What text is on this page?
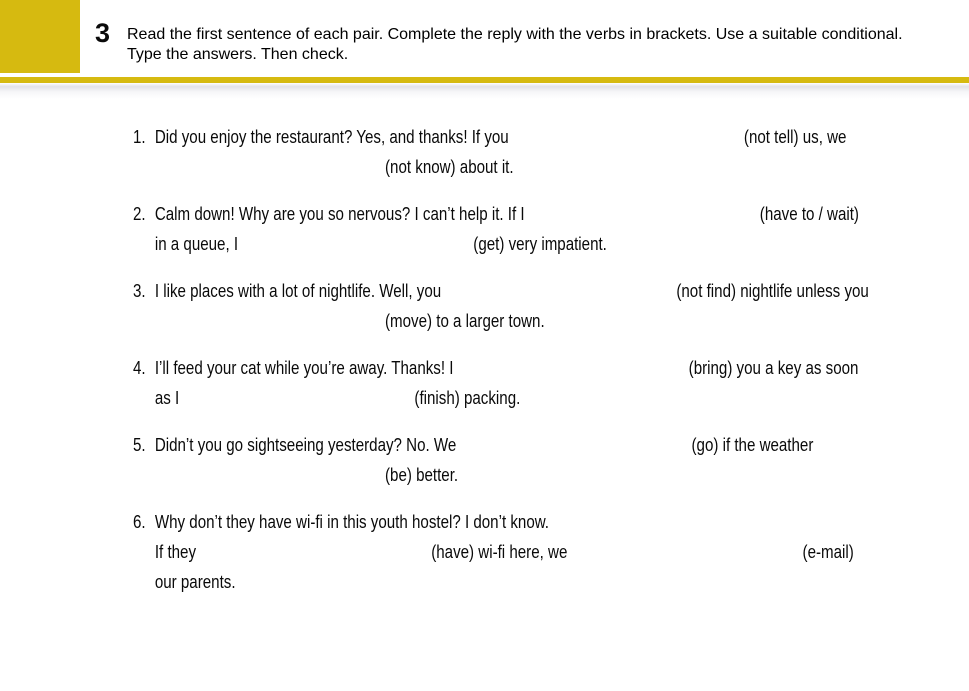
3	Read the first sentence of each pair. Complete the reply with the verbs in brackets. Use a suitable conditional. Type the answers. Then check.

1. Did you enjoy the restaurant? Yes, and thanks! If you	(not tell) us, we
(not know) about it.
2. Calm down! Why are you so nervous? I can’t help it. If I	(have to / wait)
in a queue, I	(get) very impatient.
3. I like places with a lot of nightlife. Well, you	(not find) nightlife unless you
(move) to a larger town.
4. I’ll feed your cat while you’re away. Thanks! I	(bring) you a key as soon
as I	(finish) packing.
5. Didn’t you go sightseeing yesterday? No. We	(go) if the weather
(be) better.
6. Why don’t they have wi-fi in this youth hostel? I don’t know.
If they	(have) wi-fi here, we	(e-mail)
our parents.
